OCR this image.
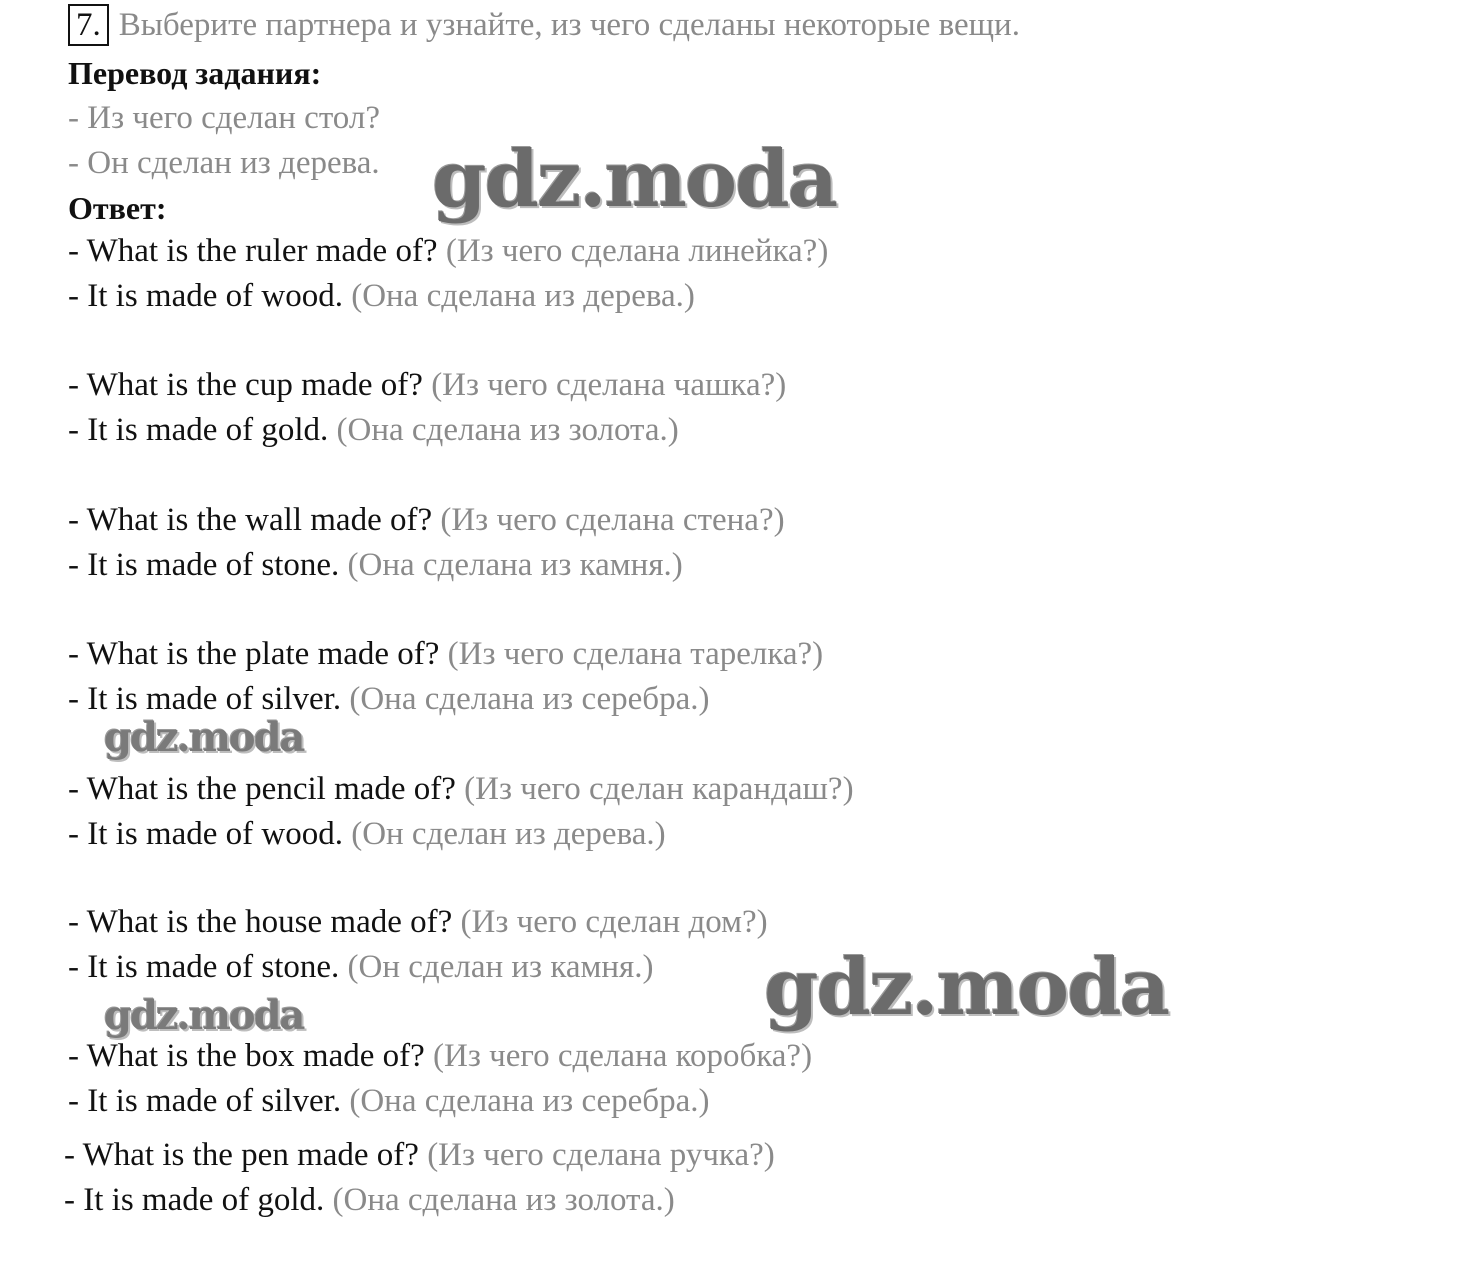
7. Выберите партнера и узнайте, из чего сделаны некоторые вещи.
Перевод задания:
- Из чего сделан стол?
- Он сделан из дерева.
Ответ:
- What is the ruler made of? (Из чего сделана линейка?)
- It is made of wood. (Она сделана из дерева.)
- What is the cup made of? (Из чего сделана чашка?)
- It is made of gold. (Она сделана из золота.)
- What is the wall made of? (Из чего сделана стена?)
- It is made of stone. (Она сделана из камня.)
- What is the plate made of? (Из чего сделана тарелка?)
- It is made of silver. (Она сделана из серебра.)
- What is the pencil made of? (Из чего сделан карандаш?)
- It is made of wood. (Он сделан из дерева.)
- What is the house made of? (Из чего сделан дом?)
- It is made of stone. (Он сделан из камня.)
- What is the box made of? (Из чего сделана коробка?)
- It is made of silver. (Она сделана из серебра.)
- What is the pen made of? (Из чего сделана ручка?)
- It is made of gold. (Она сделана из золота.)
gdz.moda
gdz.moda
gdz.moda
gdz.moda
